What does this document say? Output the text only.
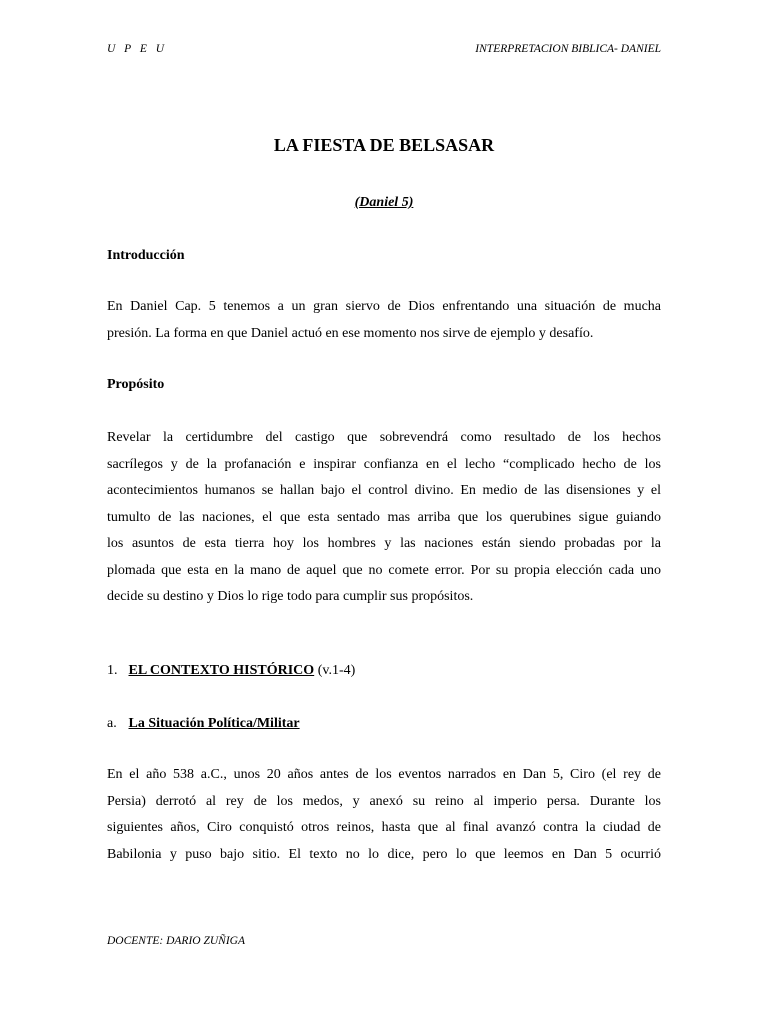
U P E U	INTERPRETACION BIBLICA- DANIEL
LA FIESTA DE BELSASAR
(Daniel 5)
Introducción
En Daniel Cap. 5 tenemos a un gran siervo de Dios enfrentando una situación de mucha
presión. La forma en que Daniel actuó en ese momento nos sirve de ejemplo y desafío.
Propósito
Revelar la certidumbre del castigo que sobrevendrá como resultado de los hechos
sacrílegos y de la profanación e inspirar confianza en el lecho “complicado hecho de los
acontecimientos humanos se hallan bajo el control divino. En medio de las disensiones y el
tumulto de las naciones, el que esta sentado mas arriba que los querubines sigue guiando
los asuntos de esta tierra hoy los hombres y las naciones están siendo probadas por la
plomada que esta en la mano de aquel que no comete error. Por su propia elección cada uno
decide su destino y Dios lo rige todo para cumplir sus propósitos.
1. EL CONTEXTO HISTÓRICO (v.1-4)
a. La Situación Política/Militar
En el año 538 a.C., unos 20 años antes de los eventos narrados en Dan 5, Ciro (el rey de
Persia) derrotó al rey de los medos, y anexó su reino al imperio persa. Durante los
siguientes años, Ciro conquistó otros reinos, hasta que al final avanzó contra la ciudad de
Babilonia y puso bajo sitio. El texto no lo dice, pero lo que leemos en Dan 5 ocurrió
DOCENTE: DARIO ZUÑIGA
